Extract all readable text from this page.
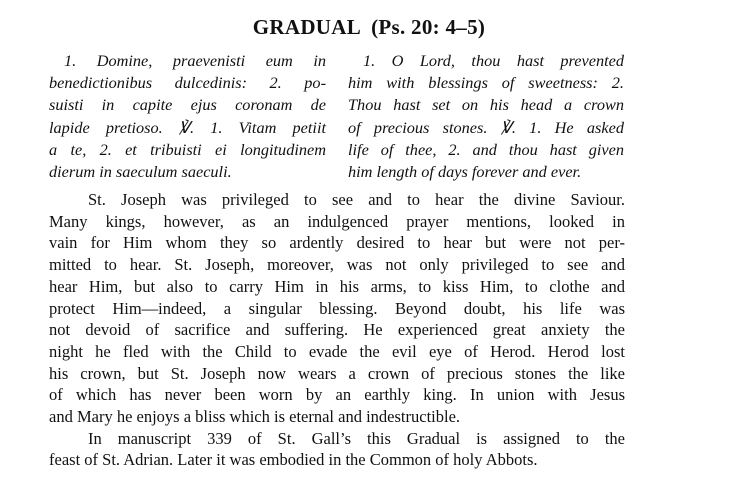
GRADUAL (Ps. 20: 4–5)
1. Domine, praevenisti eum in
benedictionibus dulcedinis: 2. po-
suisti in capite ejus coronam de
lapide pretioso. ℣. 1. Vitam petiit
a te, 2. et tribuisti ei longitudinem
dierum in saeculum saeculi.
1. O Lord, thou hast prevented
him with blessings of sweetness: 2.
Thou hast set on his head a crown
of precious stones. ℣. 1. He asked
life of thee, 2. and thou hast given
him length of days forever and ever.
St. Joseph was privileged to see and to hear the divine Saviour.
Many kings, however, as an indulgenced prayer mentions, looked in
vain for Him whom they so ardently desired to hear but were not per-
mitted to hear. St. Joseph, moreover, was not only privileged to see and
hear Him, but also to carry Him in his arms, to kiss Him, to clothe and
protect Him—indeed, a singular blessing. Beyond doubt, his life was
not devoid of sacrifice and suffering. He experienced great anxiety the
night he fled with the Child to evade the evil eye of Herod. Herod lost
his crown, but St. Joseph now wears a crown of precious stones the like
of which has never been worn by an earthly king. In union with Jesus
and Mary he enjoys a bliss which is eternal and indestructible.
In manuscript 339 of St. Gall’s this Gradual is assigned to the
feast of St. Adrian. Later it was embodied in the Common of holy Abbots.
